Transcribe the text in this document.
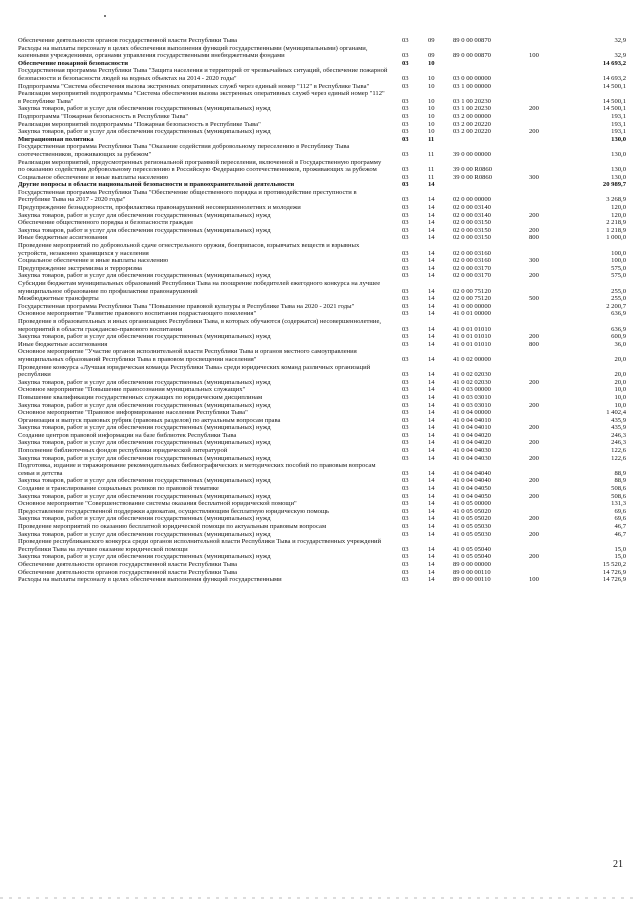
Обеспечение деятельности органов государственной власти Республики Тыва	03	09	89 0 00 00870		32,9
Расходы на выплаты персоналу в целях обеспечения выполнения функций государственными (муниципальными) органами, казенными учреждениями, органами управления государственными внебюджетными фондами	03	09	89 0 00 00870	100	32,9
Обеспечение пожарной безопасности	03	10			14 693,2
Государственная программа Республики Тыва "Защита населения и территорий от чрезвычайных ситуаций, обеспечение пожарной безопасности и безопасности людей на водных объектах на 2014 - 2020 годы"	03	10	03 0 00 00000		14 693,2
Подпрограмма "Система обеспечения вызова экстренных оперативных служб через единый номер "112" в Республике Тыва"	03	10	03 1 00 00000		14 500,1
Реализация мероприятий подпрограммы "Система обеспечения вызова экстренных оперативных служб через единый номер "112" в Республике Тыва"	03	10	03 1 00 20230		14 500,1
Закупка товаров, работ и услуг для обеспечения государственных (муниципальных) нужд	03	10	03 1 00 20230	200	14 500,1
Подпрограмма "Пожарная безопасность в Республике Тыва"	03	10	03 2 00 00000		193,1
Реализация мероприятий подпрограммы "Пожарная безопасность в Республике Тыва"	03	10	03 2 00 20220		193,1
Закупка товаров, работ и услуг для обеспечения государственных (муниципальных) нужд	03	10	03 2 00 20220	200	193,1
Миграционная политика	03	11			130,0
Государственная программа Республики Тыва "Оказание содействия добровольному переселению в Республику Тыва соотечественников, проживающих за рубежом"	03	11	39 0 00 00000		130,0
Реализация мероприятий, предусмотренных региональной программой переселения, включенной в Государственную программу по оказанию содействия добровольному переселению в Российскую Федерацию соотечественников, проживающих за рубежом	03	11	39 0 00 R0860		130,0
Социальное обеспечение и иные выплаты населению	03	11	39 0 00 R0860	300	130,0
Другие вопросы в области национальной безопасности и правоохранительной деятельности	03	14			20 989,7
Государственная программа Республики Тыва "Обеспечение общественного порядка и противодействие преступности в Республике Тыва на 2017 - 2020 годы"	03	14	02 0 00 00000		3 268,9
Предупреждение безнадзорности, профилактика правонарушений несовершеннолетних и молодежи	03	14	02 0 00 03140		120,0
Закупка товаров, работ и услуг для обеспечения государственных (муниципальных) нужд	03	14	02 0 00 03140	200	120,0
Обеспечение общественного порядка и безопасности граждан	03	14	02 0 00 03150		2 218,9
Закупка товаров, работ и услуг для обеспечения государственных (муниципальных) нужд	03	14	02 0 00 03150	200	1 218,9
Иные бюджетные ассигнования	03	14	02 0 00 03150	800	1 000,0
Проведение мероприятий по добровольной сдаче огнестрельного оружия, боеприпасов, взрывчатых веществ и взрывных устройств, незаконно хранящихся у населения	03	14	02 0 00 03160		100,0
Социальное обеспечение и иные выплаты населению	03	14	02 0 00 03160	300	100,0
Предупреждение экстремизма и терроризма	03	14	02 0 00 03170		575,0
Закупка товаров, работ и услуг для обеспечения государственных (муниципальных) нужд	03	14	02 0 00 03170	200	575,0
Субсидии бюджетам муниципальных образований Республики Тыва на поощрение победителей ежегодного конкурса на лучшее муниципальное образование по профилактике правонарушений	03	14	02 0 00 75120		255,0
Межбюджетные трансферты	03	14	02 0 00 75120	500	255,0
Государственная программа Республики Тыва "Повышение правовой культуры в Республике Тыва на 2020 - 2021 годы"	03	14	41 0 00 00000		2 200,7
Основное мероприятие "Развитие правового воспитания подрастающего поколения"	03	14	41 0 01 00000		636,9
Проведение в образовательных и иных организациях Республики Тыва, в которых обучаются (содержатся) несовершеннолетние, мероприятий в области гражданско-правового воспитания	03	14	41 0 01 01010		636,9
Закупка товаров, работ и услуг для обеспечения государственных (муниципальных) нужд	03	14	41 0 01 01010	200	600,9
Иные бюджетные ассигнования	03	14	41 0 01 01010	800	36,0
Основное мероприятие "Участие органов исполнительной власти Республики Тыва и органов местного самоуправления муниципальных образований Республики Тыва в правовом просвещении населения"	03	14	41 0 02 00000		20,0
Проведение конкурса «Лучшая юридическая команда Республики Тыва» среди юридических команд различных организаций республики	03	14	41 0 02 02030		20,0
Закупка товаров, работ и услуг для обеспечения государственных (муниципальных) нужд	03	14	41 0 02 02030	200	20,0
Основное мероприятие "Повышение правосознания муниципальных служащих"	03	14	41 0 03 00000		10,0
Повышение квалификации государственных служащих по юридическим дисциплинам	03	14	41 0 03 03010		10,0
Закупка товаров, работ и услуг для обеспечения государственных (муниципальных) нужд	03	14	41 0 03 03010	200	10,0
Основное мероприятие "Правовое информирование населения Республики Тыва"	03	14	41 0 04 00000		1 402,4
Организация и выпуск правовых рубрик (правовых разделов) по актуальным вопросам права	03	14	41 0 04 04010		435,9
Закупка товаров, работ и услуг для обеспечения государственных (муниципальных) нужд	03	14	41 0 04 04010	200	435,9
Создание центров правовой информации на базе библиотек Республики Тыва	03	14	41 0 04 04020		246,3
Закупка товаров, работ и услуг для обеспечения государственных (муниципальных) нужд	03	14	41 0 04 04020	200	246,3
Пополнение библиотечных фондов республики юридической литературой	03	14	41 0 04 04030		122,6
Закупка товаров, работ и услуг для обеспечения государственных (муниципальных) нужд	03	14	41 0 04 04030	200	122,6
Подготовка, издание и тиражирование рекомендательных библиографических и методических пособий по правовым вопросам семьи и детства	03	14	41 0 04 04040		88,9
Закупка товаров, работ и услуг для обеспечения государственных (муниципальных) нужд	03	14	41 0 04 04040	200	88,9
Создание и транслирование социальных роликов по правовой тематике	03	14	41 0 04 04050		508,6
Закупка товаров, работ и услуг для обеспечения государственных (муниципальных) нужд	03	14	41 0 04 04050	200	508,6
Основное мероприятие "Совершенствование системы оказания бесплатной юридической помощи"	03	14	41 0 05 00000		131,3
Предоставление государственной поддержки адвокатам, осуществляющим бесплатную юридическую помощь	03	14	41 0 05 05020		69,6
Закупка товаров, работ и услуг для обеспечения государственных (муниципальных) нужд	03	14	41 0 05 05020	200	69,6
Проведение мероприятий по оказанию бесплатной юридической помощи по актуальным правовым вопросам	03	14	41 0 05 05030		46,7
Закупка товаров, работ и услуг для обеспечения государственных (муниципальных) нужд	03	14	41 0 05 05030	200	46,7
Проведение республиканского конкурса среди органов исполнительной власти Республики Тыва и государственных учреждений Республики Тыва на лучшее оказание юридической помощи	03	14	41 0 05 05040		15,0
Закупка товаров, работ и услуг для обеспечения государственных (муниципальных) нужд	03	14	41 0 05 05040	200	15,0
Обеспечение деятельности органов государственной власти Республики Тыва	03	14	89 0 00 00000		15 520,2
Обеспечение деятельности органов государственной власти Республики Тыва	03	14	89 0 00 00110		14 726,9
Расходы на выплаты персоналу в целях обеспечения выполнения функций государственными	03	14	89 0 00 00110	100	14 726,9
21
